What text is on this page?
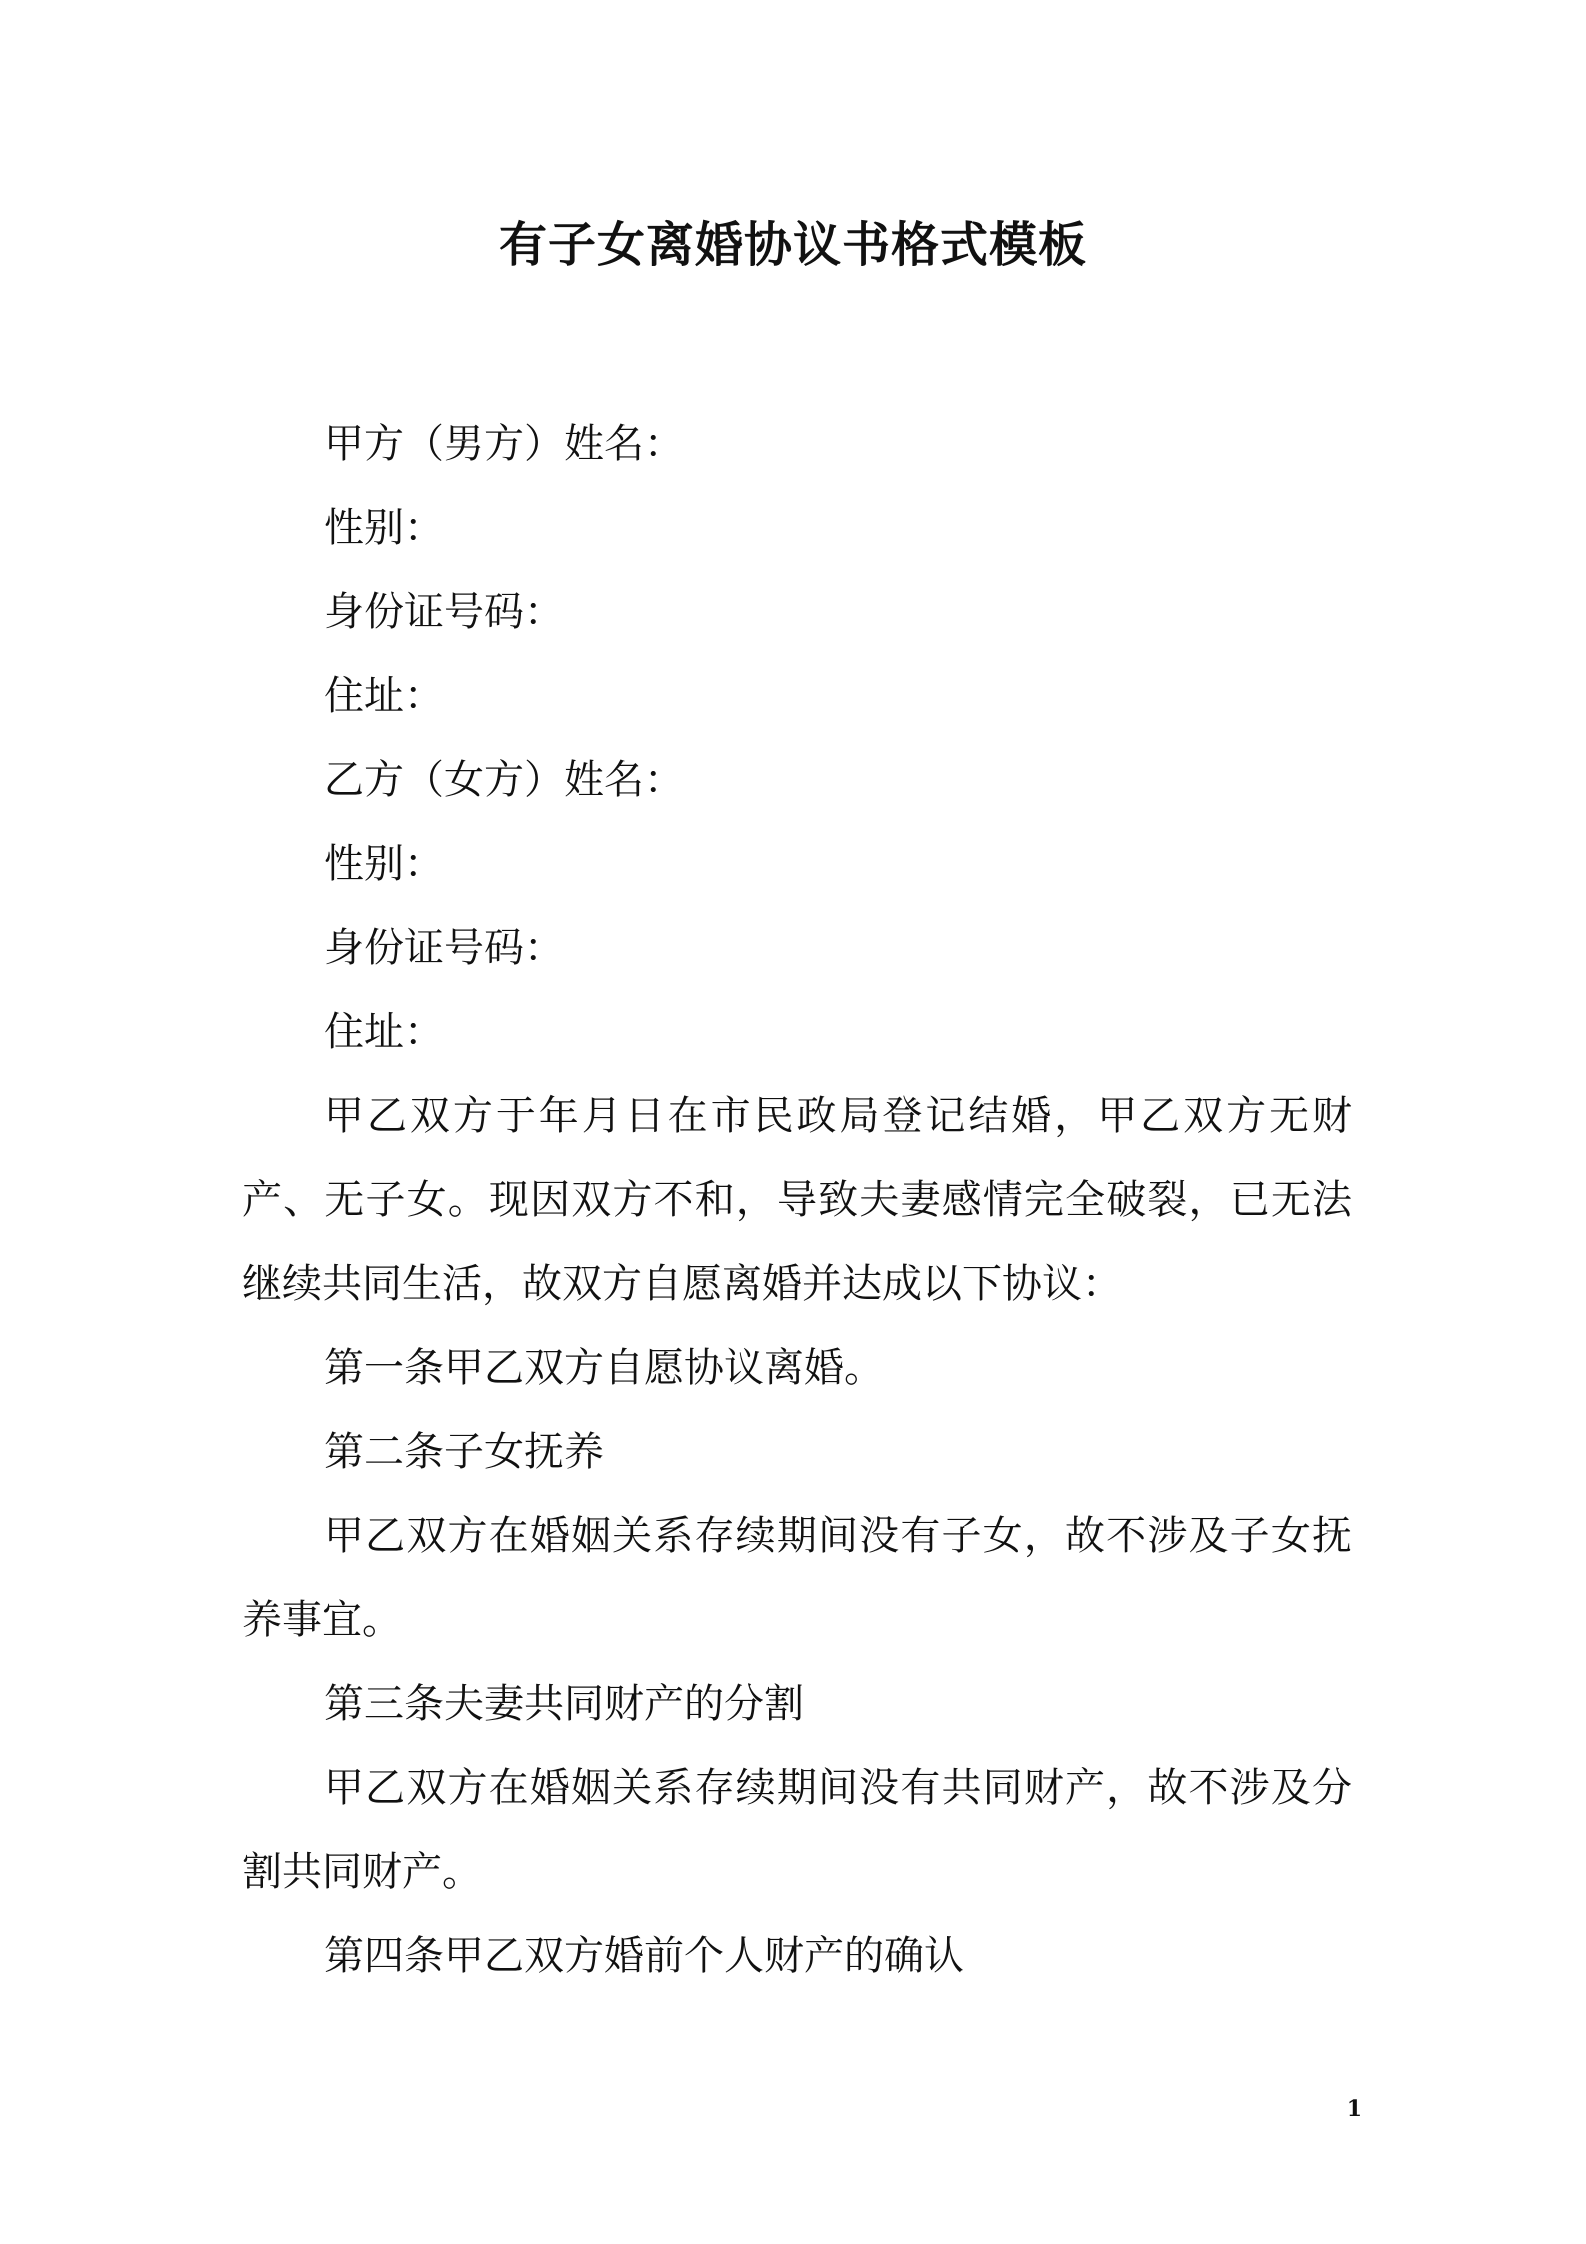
有子女离婚协议书格式模板

甲方（男方）姓名：

性别：

身份证号码：

住址：

乙方（女方）姓名：

性别：

身份证号码：

住址：

甲乙双方于年月日在市民政局登记结婚，甲乙双方无财产、无子女。现因双方不和，导致夫妻感情完全破裂，已无法继续共同生活，故双方自愿离婚并达成以下协议：

第一条甲乙双方自愿协议离婚。

第二条子女抚养

甲乙双方在婚姻关系存续期间没有子女，故不涉及子女抚养事宜。

第三条夫妻共同财产的分割

甲乙双方在婚姻关系存续期间没有共同财产，故不涉及分割共同财产。

第四条甲乙双方婚前个人财产的确认

1
